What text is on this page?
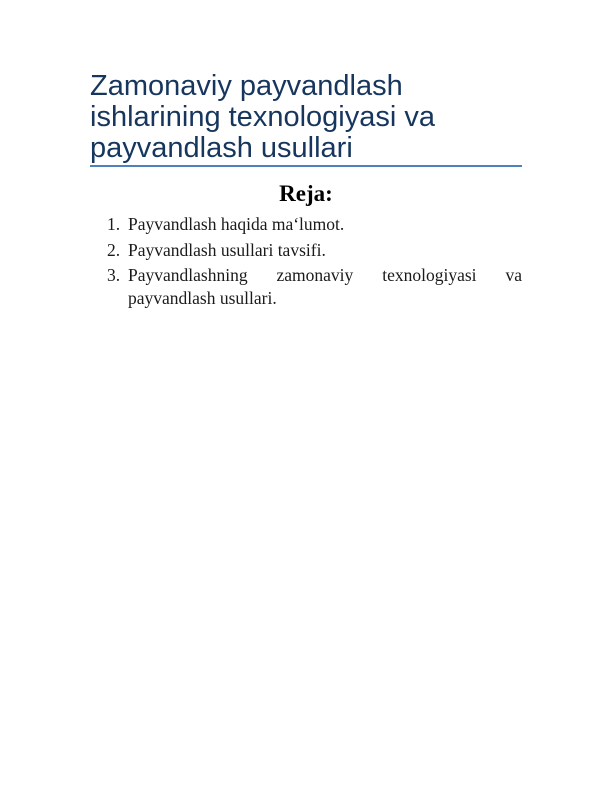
Zamonaviy payvandlash ishlarining texnologiyasi va payvandlash usullari
Reja:
1. Payvandlash haqida ma‘lumot.
2. Payvandlash usullari tavsifi.
3. Payvandlashning zamonaviy texnologiyasi va payvandlash usullari.
